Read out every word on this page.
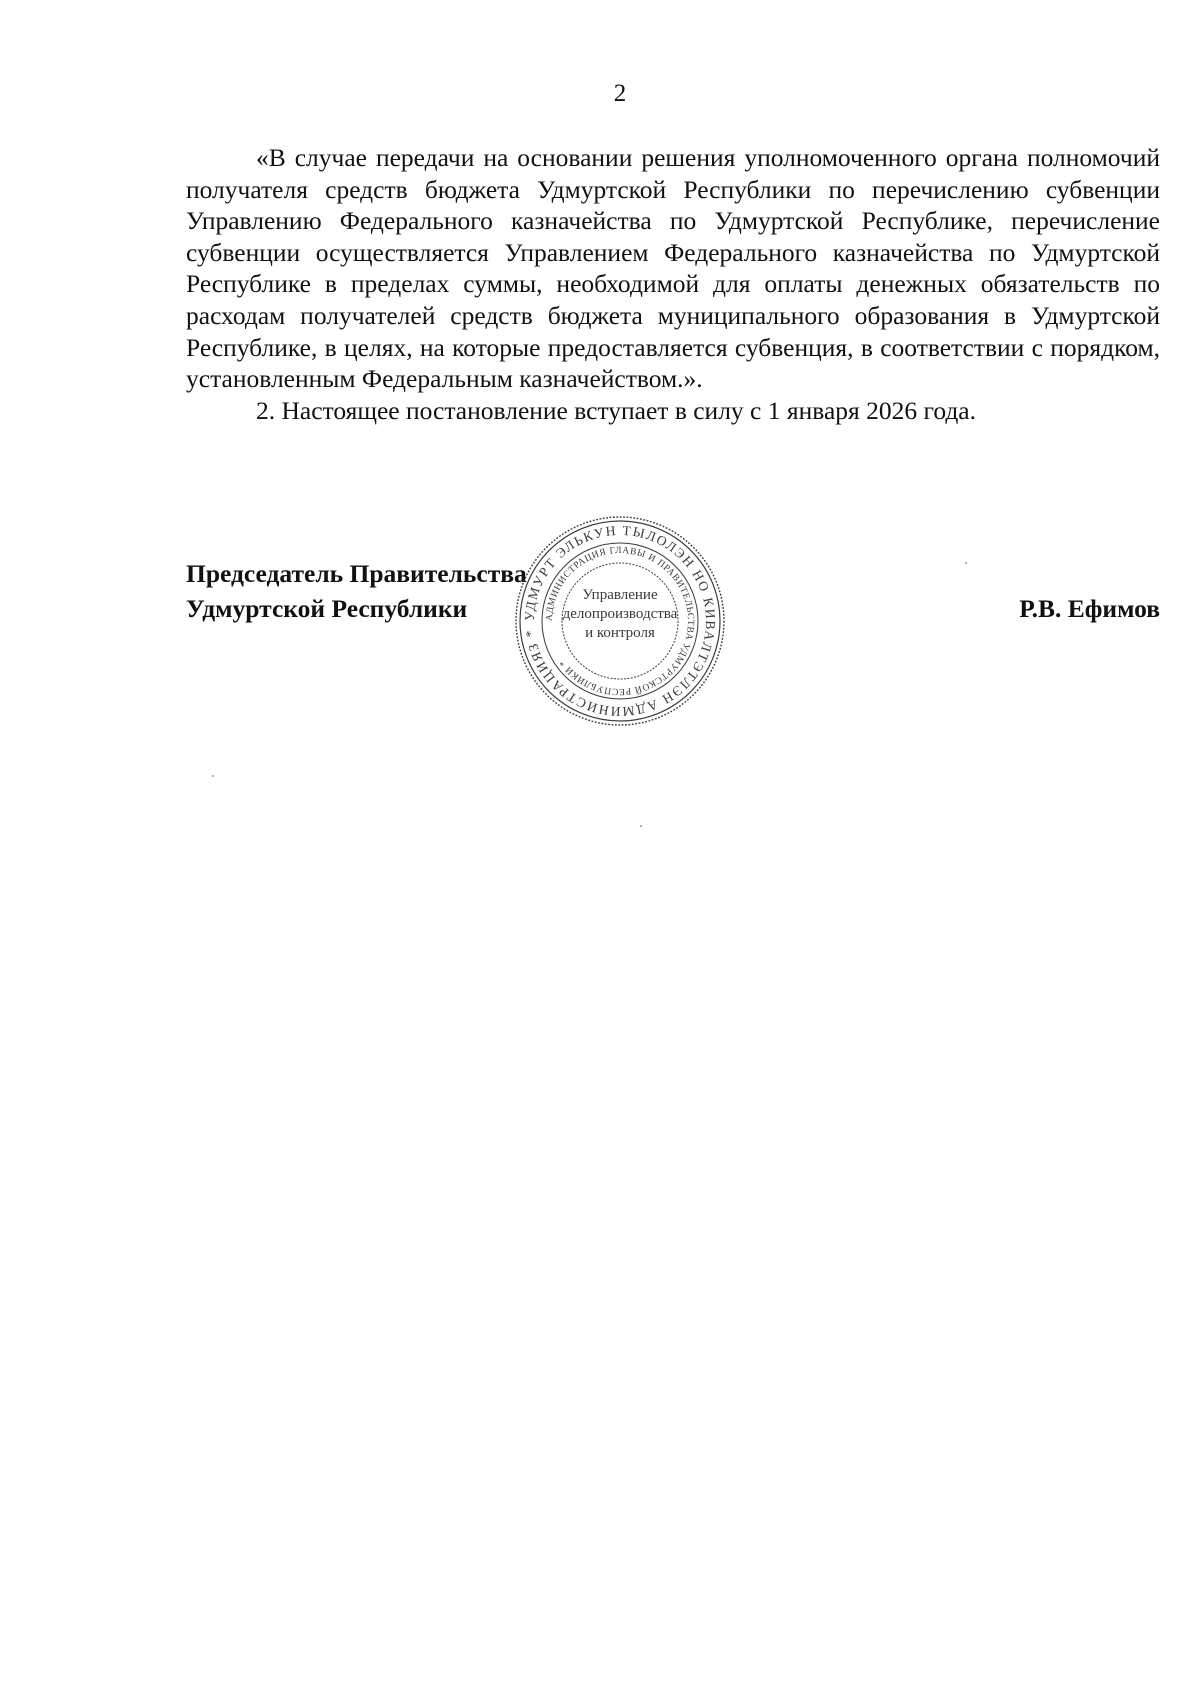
2

«В случае передачи на основании решения уполномоченного органа полномочий получателя средств бюджета Удмуртской Республики по перечислению субвенции Управлению Федерального казначейства по Удмуртской Республике, перечисление субвенции осуществляется Управлением Федерального казначейства по Удмуртской Республике в пределах суммы, необходимой для оплаты денежных обязательств по расходам получателей средств бюджета муниципального образования в Удмуртской Республике, в целях, на которые предоставляется субвенция, в соответствии с порядком, установленным Федеральным казначейством.».

2. Настоящее постановление вступает в силу с 1 января 2026 года.

Председатель Правительства
Удмуртской Республики	Р.В. Ефимов
УДМУРТ ЭЛЬКУН ТЫЛОЛЭН НО КИВАЛТЭТЛЭН АДМИНИСТРАЦИЯЗ *
АДМИНИСТРАЦИЯ ГЛАВЫ И ПРАВИТЕЛЬСТВА УДМУРТСКОЙ РЕСПУБЛИКИ *
Управление
делопроизводства
и контроля
